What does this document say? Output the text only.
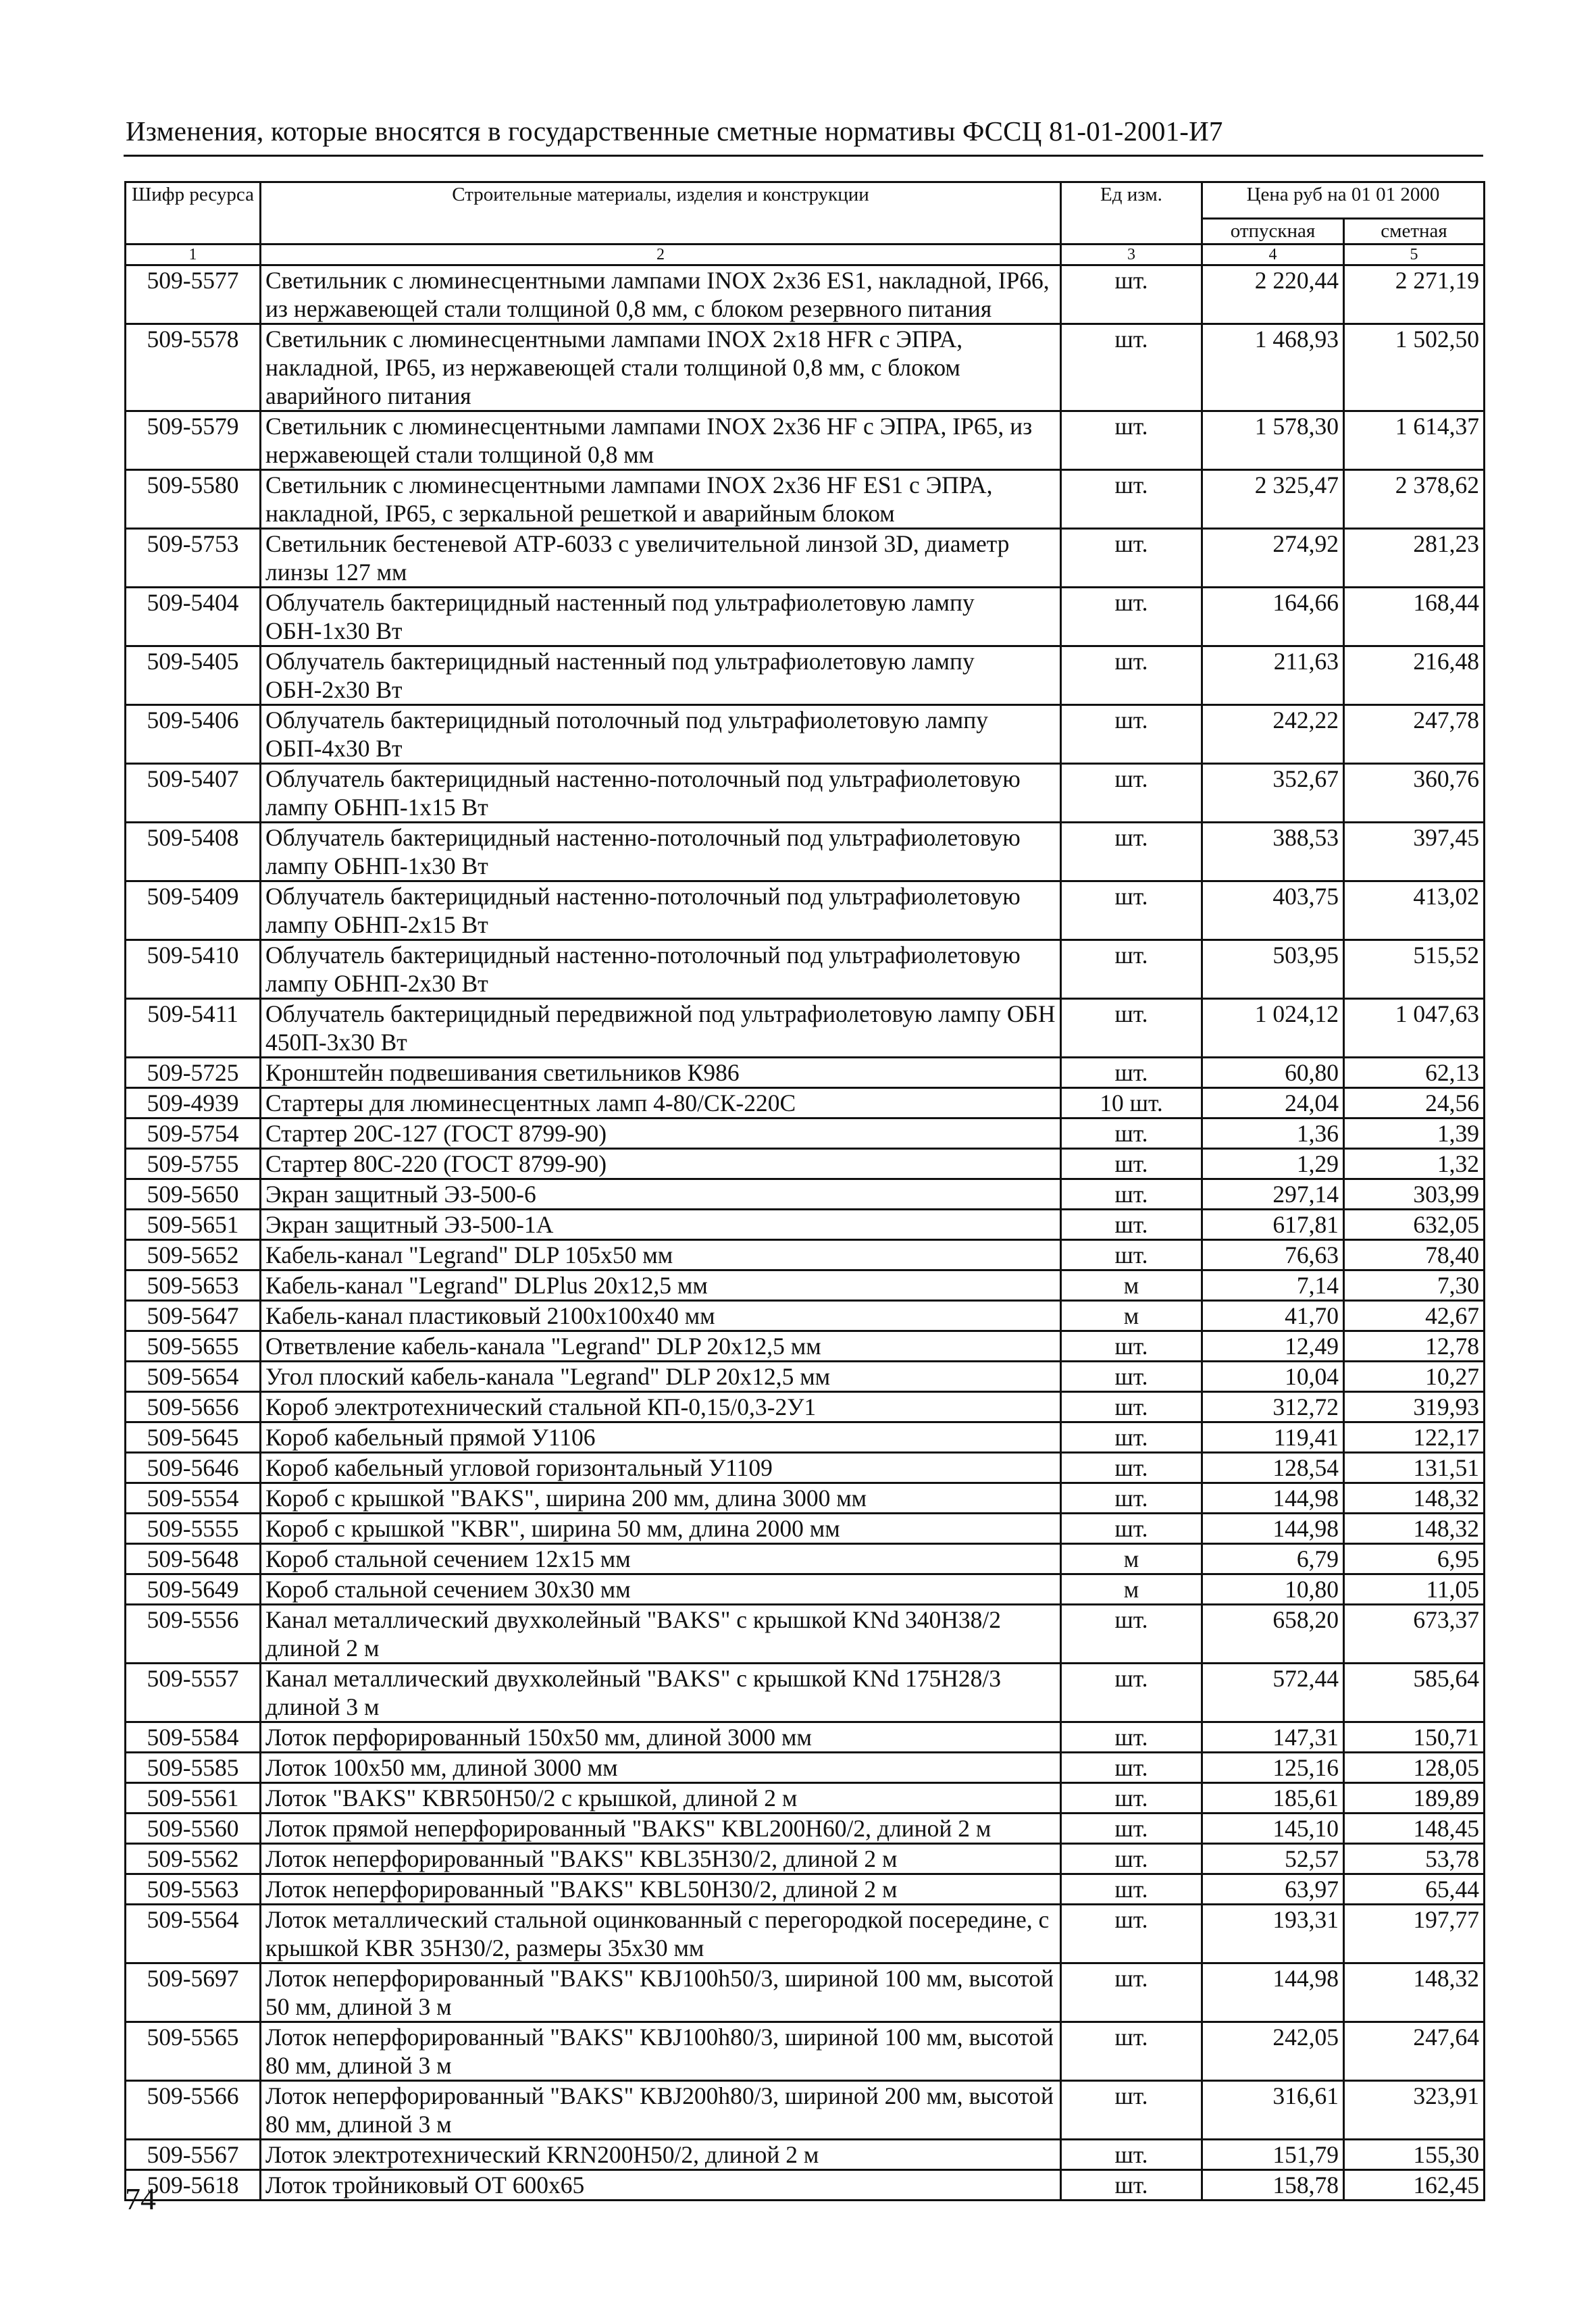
Изменения, которые вносятся в государственные сметные нормативы ФССЦ 81-01-2001-И7
Шифр ресурса	Строительные материалы, изделия и конструкции	Ед изм.	Цена руб на 01 01 2000	
			отпускная	сметная
1	2	3	4	5
509-5577	Светильник с люминесцентными лампами INOX 2x36 ES1, накладной, IP66, из нержавеющей стали толщиной 0,8 мм, с блоком резервного питания	шт.	2 220,44	2 271,19
509-5578	Светильник с люминесцентными лампами INOX 2x18 HFR с ЭПРА, накладной, IP65, из нержавеющей стали толщиной 0,8 мм, с блоком аварийного питания	шт.	1 468,93	1 502,50
509-5579	Светильник с люминесцентными лампами INOX 2x36 HF с ЭПРА, IP65, из нержавеющей стали толщиной 0,8 мм	шт.	1 578,30	1 614,37
509-5580	Светильник с люминесцентными лампами INOX 2x36 HF ES1 с ЭПРА, накладной, IP65, с зеркальной решеткой и аварийным блоком	шт.	2 325,47	2 378,62
509-5753	Светильник бестеневой АТР-6033 с увеличительной линзой 3D, диаметр линзы 127 мм	шт.	274,92	281,23
509-5404	Облучатель бактерицидный настенный под ультрафиолетовую лампу ОБН-1х30 Вт	шт.	164,66	168,44
509-5405	Облучатель бактерицидный настенный под ультрафиолетовую лампу ОБН-2х30 Вт	шт.	211,63	216,48
509-5406	Облучатель бактерицидный потолочный под ультрафиолетовую лампу ОБП-4х30 Вт	шт.	242,22	247,78
509-5407	Облучатель бактерицидный настенно-потолочный под ультрафиолетовую лампу ОБНП-1х15 Вт	шт.	352,67	360,76
509-5408	Облучатель бактерицидный настенно-потолочный под ультрафиолетовую лампу ОБНП-1х30 Вт	шт.	388,53	397,45
509-5409	Облучатель бактерицидный настенно-потолочный под ультрафиолетовую лампу ОБНП-2х15 Вт	шт.	403,75	413,02
509-5410	Облучатель бактерицидный настенно-потолочный под ультрафиолетовую лампу ОБНП-2х30 Вт	шт.	503,95	515,52
509-5411	Облучатель бактерицидный передвижной под ультрафиолетовую лампу ОБН 450П-3х30 Вт	шт.	1 024,12	1 047,63
509-5725	Кронштейн подвешивания светильников К986	шт.	60,80	62,13
509-4939	Стартеры для люминесцентных ламп 4-80/СК-220С	10 шт.	24,04	24,56
509-5754	Стартер 20С-127 (ГОСТ 8799-90)	шт.	1,36	1,39
509-5755	Стартер 80С-220 (ГОСТ 8799-90)	шт.	1,29	1,32
509-5650	Экран защитный ЭЗ-500-6	шт.	297,14	303,99
509-5651	Экран защитный ЭЗ-500-1А	шт.	617,81	632,05
509-5652	Кабель-канал "Legrand" DLP 105x50 мм	шт.	76,63	78,40
509-5653	Кабель-канал "Legrand" DLPlus 20x12,5 мм	м	7,14	7,30
509-5647	Кабель-канал пластиковый 2100x100x40 мм	м	41,70	42,67
509-5655	Ответвление кабель-канала "Legrand" DLP 20x12,5 мм	шт.	12,49	12,78
509-5654	Угол плоский кабель-канала "Legrand" DLP 20x12,5 мм	шт.	10,04	10,27
509-5656	Короб электротехнический стальной КП-0,15/0,3-2У1	шт.	312,72	319,93
509-5645	Короб кабельный прямой У1106	шт.	119,41	122,17
509-5646	Короб кабельный угловой горизонтальный У1109	шт.	128,54	131,51
509-5554	Короб с крышкой "BAKS", ширина 200 мм, длина 3000 мм	шт.	144,98	148,32
509-5555	Короб с крышкой "KBR", ширина 50 мм, длина 2000 мм	шт.	144,98	148,32
509-5648	Короб стальной сечением 12x15 мм	м	6,79	6,95
509-5649	Короб стальной сечением 30x30 мм	м	10,80	11,05
509-5556	Канал металлический двухколейный "BAKS" с крышкой KNd 340H38/2 длиной 2 м	шт.	658,20	673,37
509-5557	Канал металлический двухколейный "BAKS" с крышкой KNd 175H28/3 длиной 3 м	шт.	572,44	585,64
509-5584	Лоток перфорированный 150x50 мм, длиной 3000 мм	шт.	147,31	150,71
509-5585	Лоток 100x50 мм, длиной 3000 мм	шт.	125,16	128,05
509-5561	Лоток "BAKS" KBR50H50/2 с крышкой, длиной 2 м	шт.	185,61	189,89
509-5560	Лоток прямой неперфорированный "BAKS" KBL200H60/2, длиной 2 м	шт.	145,10	148,45
509-5562	Лоток неперфорированный "BAKS" KBL35H30/2, длиной 2 м	шт.	52,57	53,78
509-5563	Лоток неперфорированный "BAKS" KBL50H30/2, длиной 2 м	шт.	63,97	65,44
509-5564	Лоток металлический стальной оцинкованный с перегородкой посередине, с крышкой KBR 35H30/2, размеры 35x30 мм	шт.	193,31	197,77
509-5697	Лоток неперфорированный "BAKS" KBJ100h50/3, шириной 100 мм, высотой 50 мм, длиной 3 м	шт.	144,98	148,32
509-5565	Лоток неперфорированный "BAKS" KBJ100h80/3, шириной 100 мм, высотой 80 мм, длиной 3 м	шт.	242,05	247,64
509-5566	Лоток неперфорированный "BAKS" KBJ200h80/3, шириной 200 мм, высотой 80 мм, длиной 3 м	шт.	316,61	323,91
509-5567	Лоток электротехнический KRN200H50/2, длиной 2 м	шт.	151,79	155,30
509-5618	Лоток тройниковый ОТ 600x65	шт.	158,78	162,45
74
